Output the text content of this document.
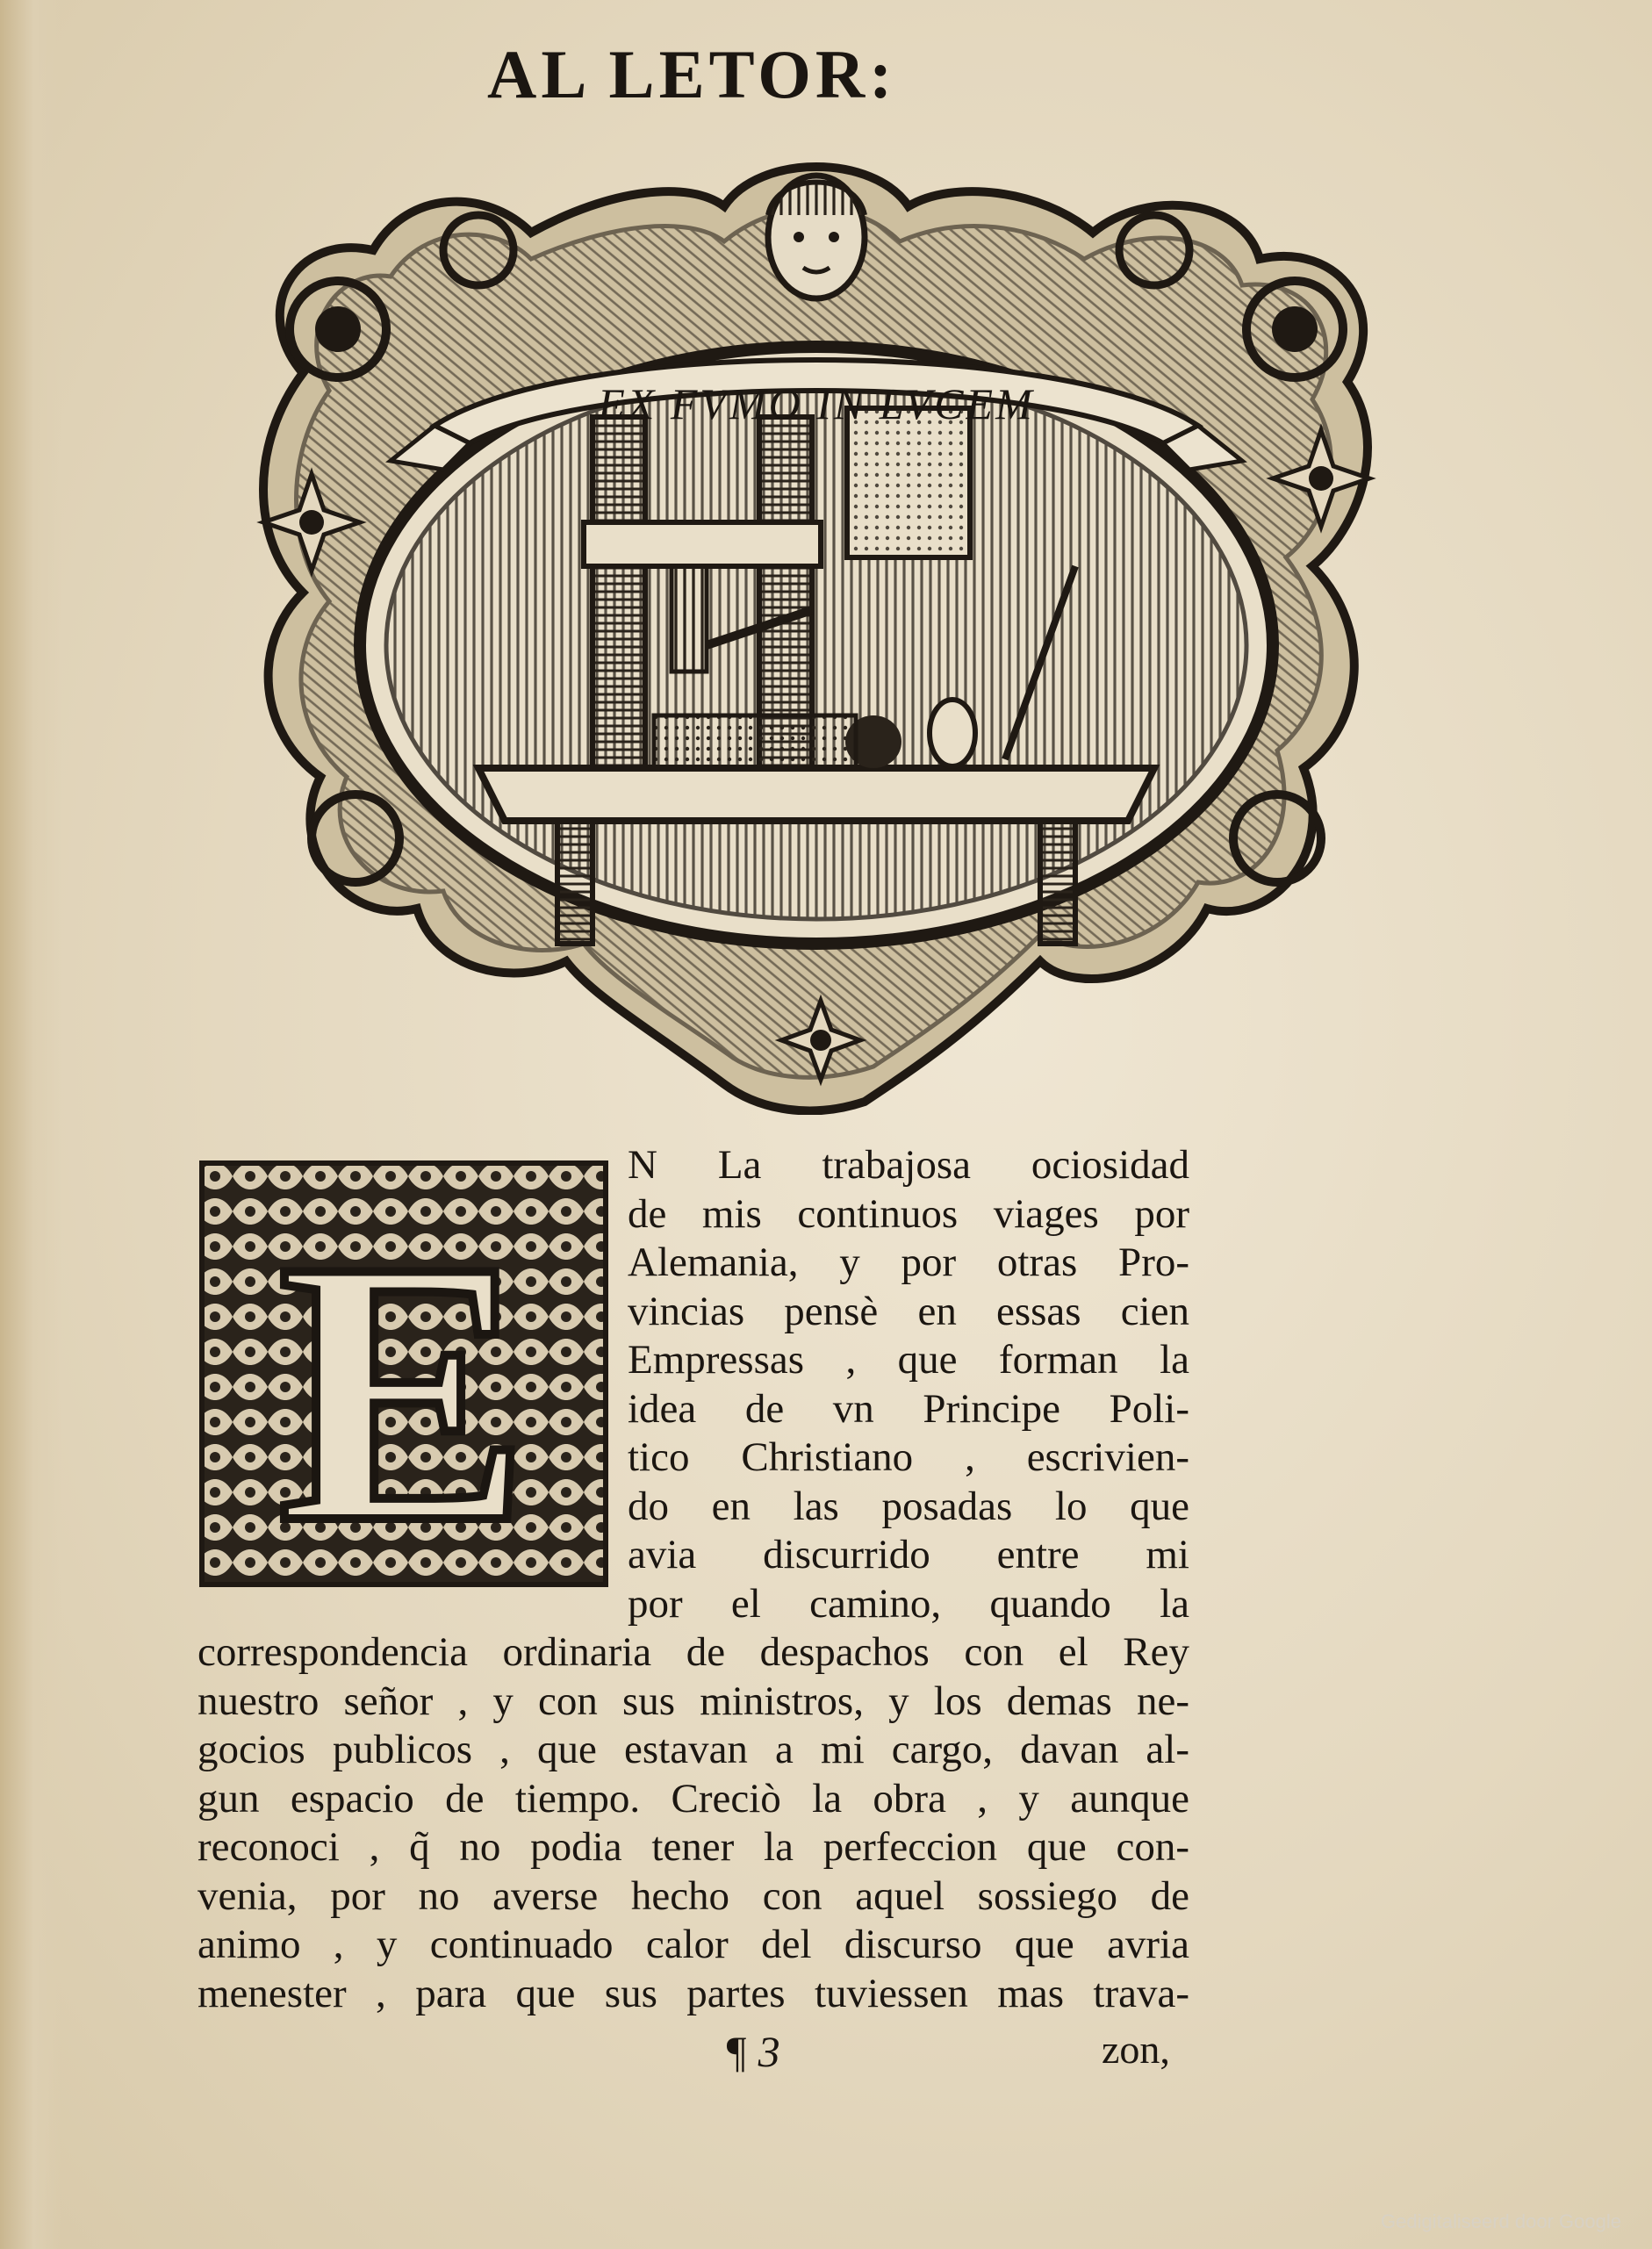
AL LETOR:
EX FVMO IN LVCEM
E
N La trabajosa ociosidad
de mis continuos viages por
Alemania, y por otras Pro-
vincias pensè en essas cien
Empressas , que forman la
idea de vn Principe Poli-
tico Christiano , escrivien-
do en las posadas lo que
avia discurrido entre mi
por el camino, quando la
correspondencia ordinaria de despachos con el Rey
nuestro señor , y con sus ministros, y los demas ne-
gocios publicos , que estavan a mi cargo, davan al-
gun espacio de tiempo. Creciò la obra , y aunque
reconoci , q̃ no podia tener la perfeccion que con-
venia, por no averse hecho con aquel sossiego de
animo , y continuado calor del discurso que avria
menester , para que sus partes tuviessen mas trava-
¶ 3	zon,
Gedigitaliseerd door Google
